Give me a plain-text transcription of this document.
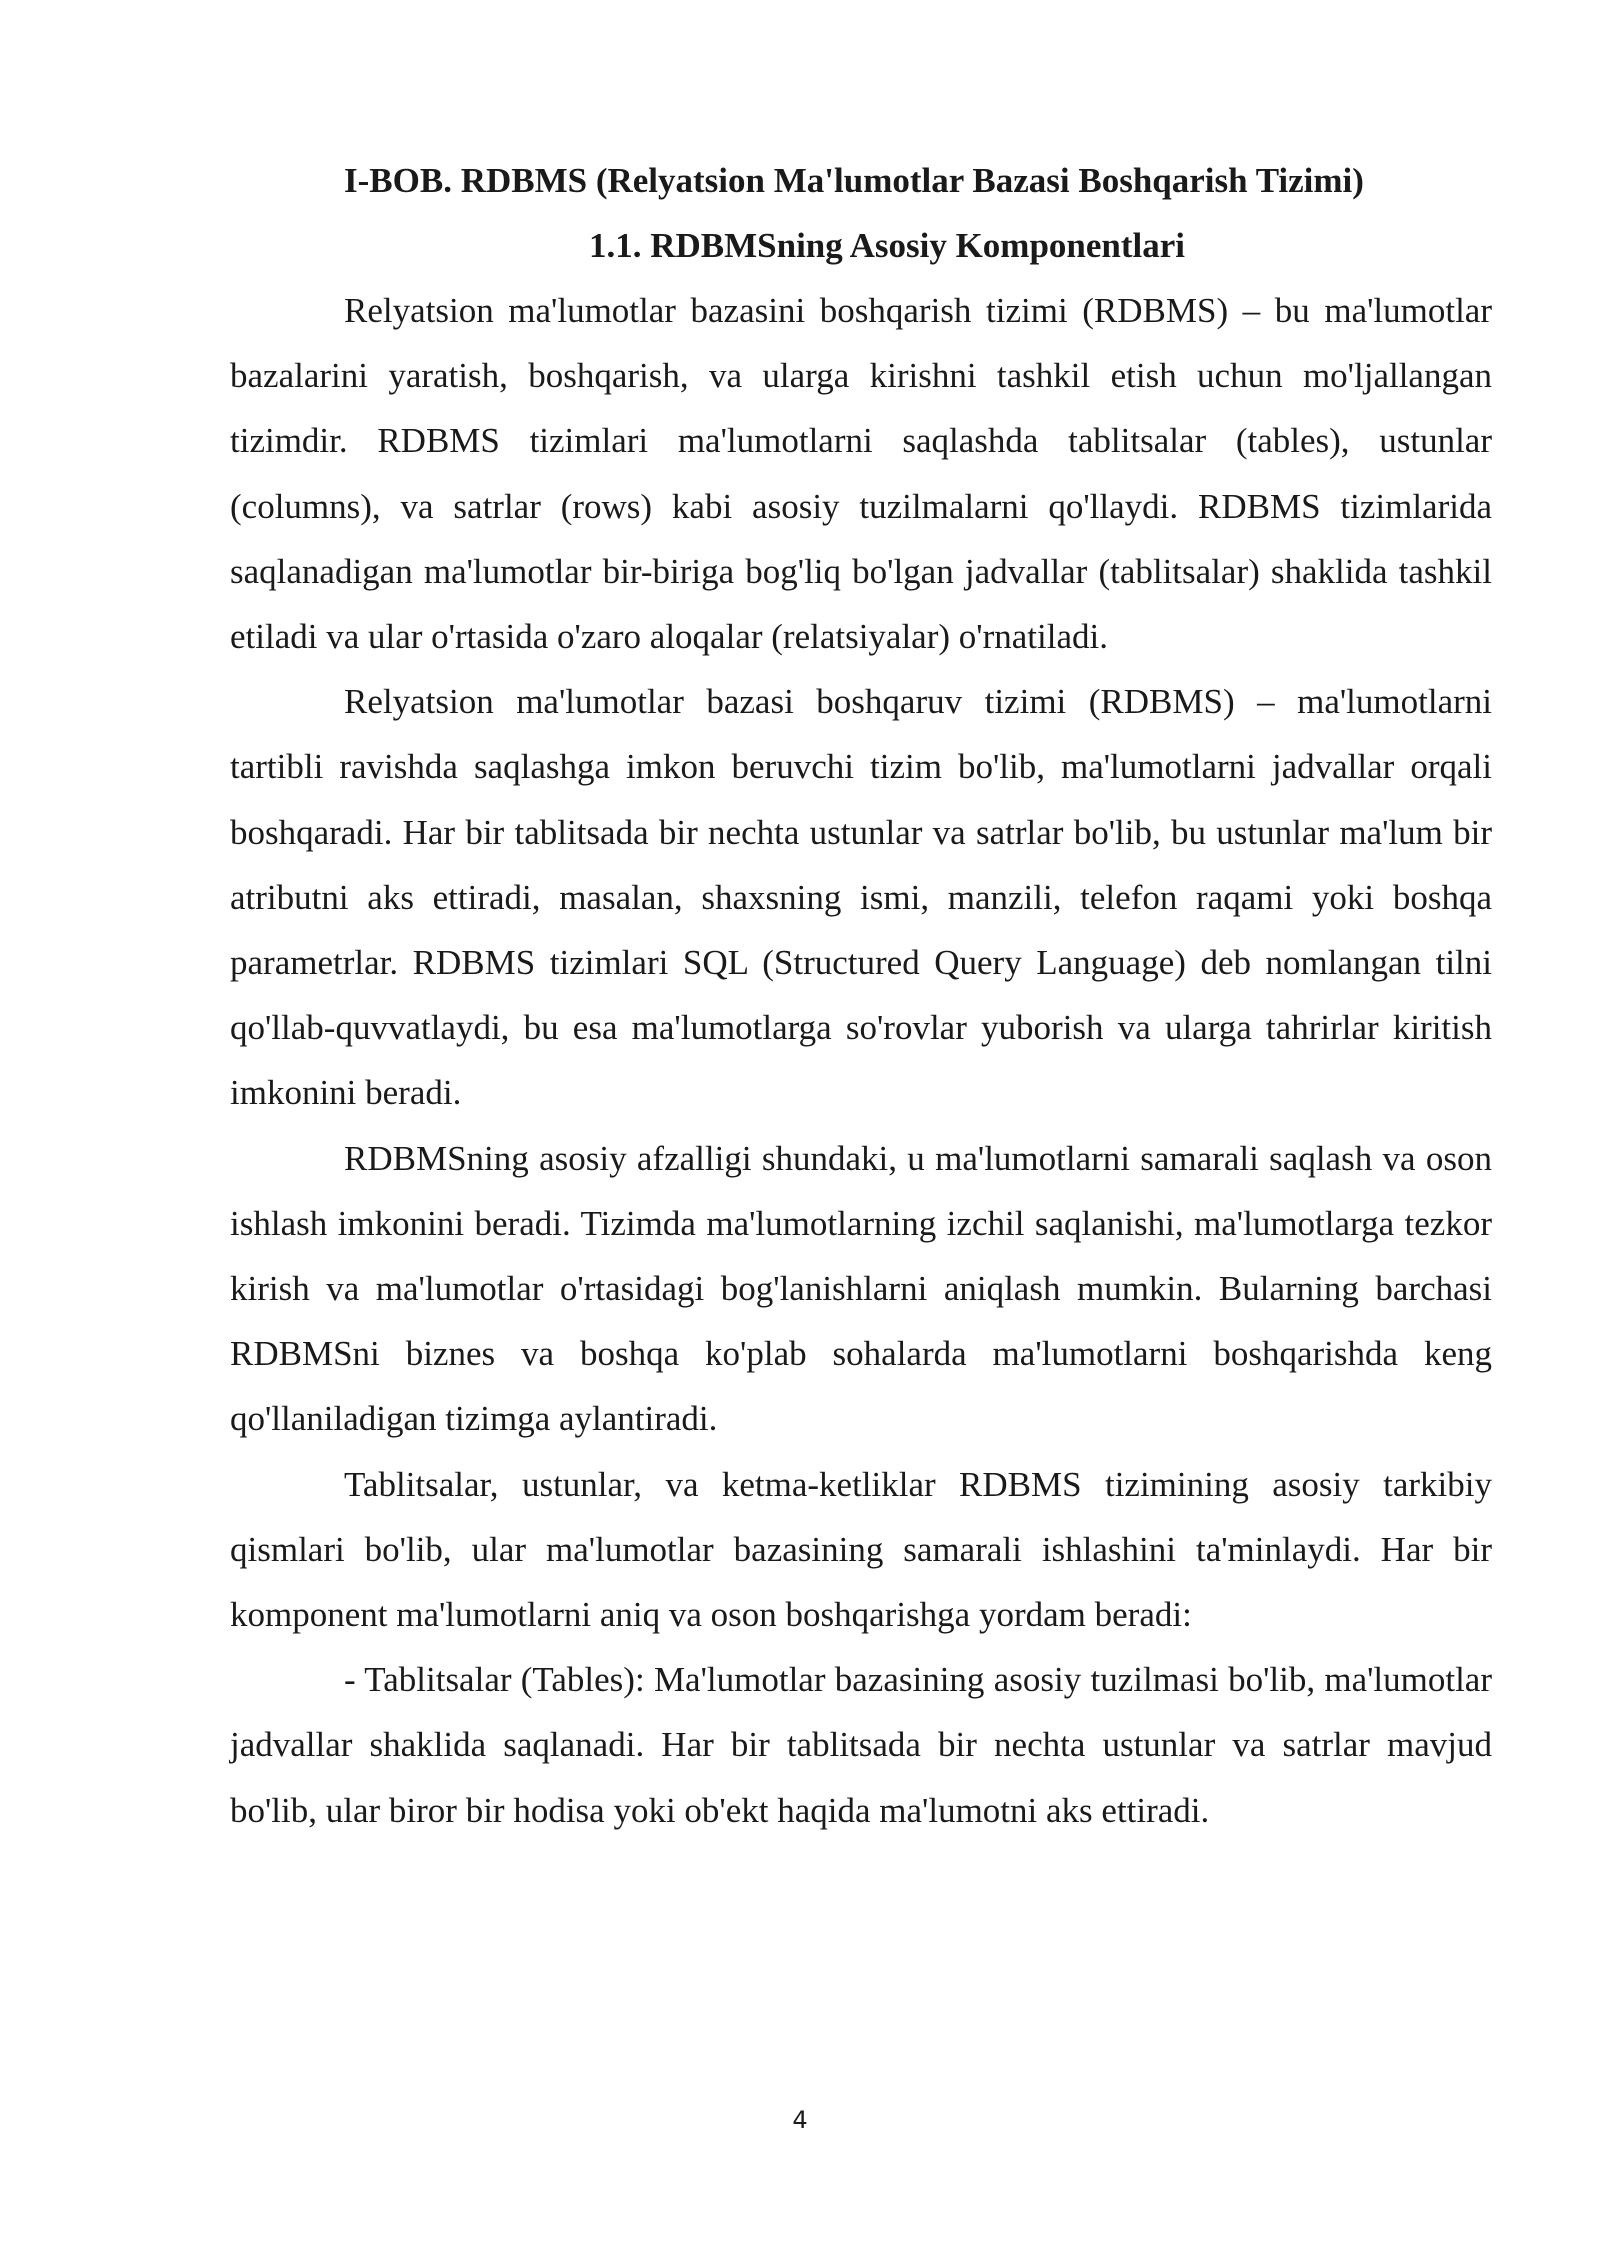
I-BOB. RDBMS (Relyatsion Ma'lumotlar Bazasi Boshqarish Tizimi)
1.1. RDBMSning Asosiy Komponentlari

Relyatsion ma'lumotlar bazasini boshqarish tizimi (RDBMS) – bu ma'lumotlar bazalarini yaratish, boshqarish, va ularga kirishni tashkil etish uchun mo'ljallangan tizimdir. RDBMS tizimlari ma'lumotlarni saqlashda tablitsalar (tables), ustunlar (columns), va satrlar (rows) kabi asosiy tuzilmalarni qo'llaydi. RDBMS tizimlarida saqlanadigan ma'lumotlar bir-biriga bog'liq bo'lgan jadvallar (tablitsalar) shaklida tashkil etiladi va ular o'rtasida o'zaro aloqalar (relatsiyalar) o'rnatiladi.

Relyatsion ma'lumotlar bazasi boshqaruv tizimi (RDBMS) – ma'lumotlarni tartibli ravishda saqlashga imkon beruvchi tizim bo'lib, ma'lumotlarni jadvallar orqali boshqaradi. Har bir tablitsada bir nechta ustunlar va satrlar bo'lib, bu ustunlar ma'lum bir atributni aks ettiradi, masalan, shaxsning ismi, manzili, telefon raqami yoki boshqa parametrlar. RDBMS tizimlari SQL (Structured Query Language) deb nomlangan tilni qo'llab-quvvatlaydi, bu esa ma'lumotlarga so'rovlar yuborish va ularga tahrirlar kiritish imkonini beradi.

RDBMSning asosiy afzalligi shundaki, u ma'lumotlarni samarali saqlash va oson ishlash imkonini beradi. Tizimda ma'lumotlarning izchil saqlanishi, ma'lumotlarga tezkor kirish va ma'lumotlar o'rtasidagi bog'lanishlarni aniqlash mumkin. Bularning barchasi RDBMSni biznes va boshqa ko'plab sohalarda ma'lumotlarni boshqarishda keng qo'llaniladigan tizimga aylantiradi.

Tablitsalar, ustunlar, va ketma-ketliklar RDBMS tizimining asosiy tarkibiy qismlari bo'lib, ular ma'lumotlar bazasining samarali ishlashini ta'minlaydi. Har bir komponent ma'lumotlarni aniq va oson boshqarishga yordam beradi:

- Tablitsalar (Tables): Ma'lumotlar bazasining asosiy tuzilmasi bo'lib, ma'lumotlar jadvallar shaklida saqlanadi. Har bir tablitsada bir nechta ustunlar va satrlar mavjud bo'lib, ular biror bir hodisa yoki ob'ekt haqida ma'lumotni aks ettiradi.

4
